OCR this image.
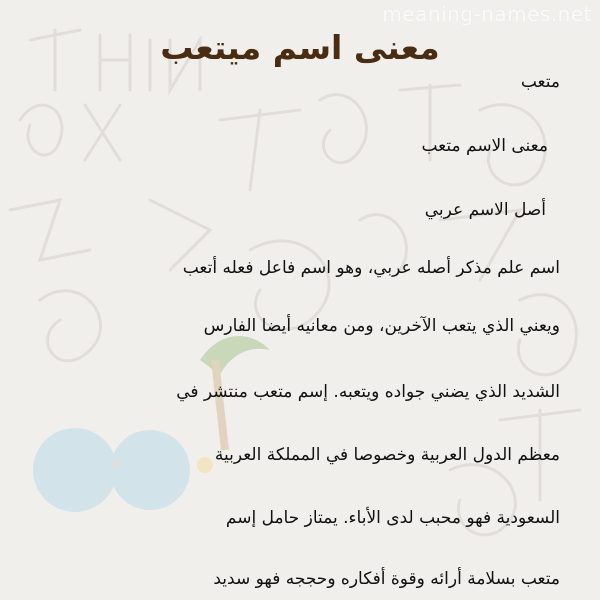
meaning-names.net
معنى اسم ميتعب
متعب
معنى الاسم متعب
أصل الاسم عربي
اسم علم مذكر أصله عربي، وهو اسم فاعل فعله أتعب
ويعني الذي يتعب الآخرين، ومن معانيه أيضا الفارس
الشديد الذي يضني جواده ويتعبه. إسم متعب منتشر في
معظم الدول العربية وخصوصا في المملكة العربية
السعودية فهو محبب لدى الأباء. يمتاز حامل إسم
متعب بسلامة أرائه وقوة أفكاره وحججه فهو سديد
